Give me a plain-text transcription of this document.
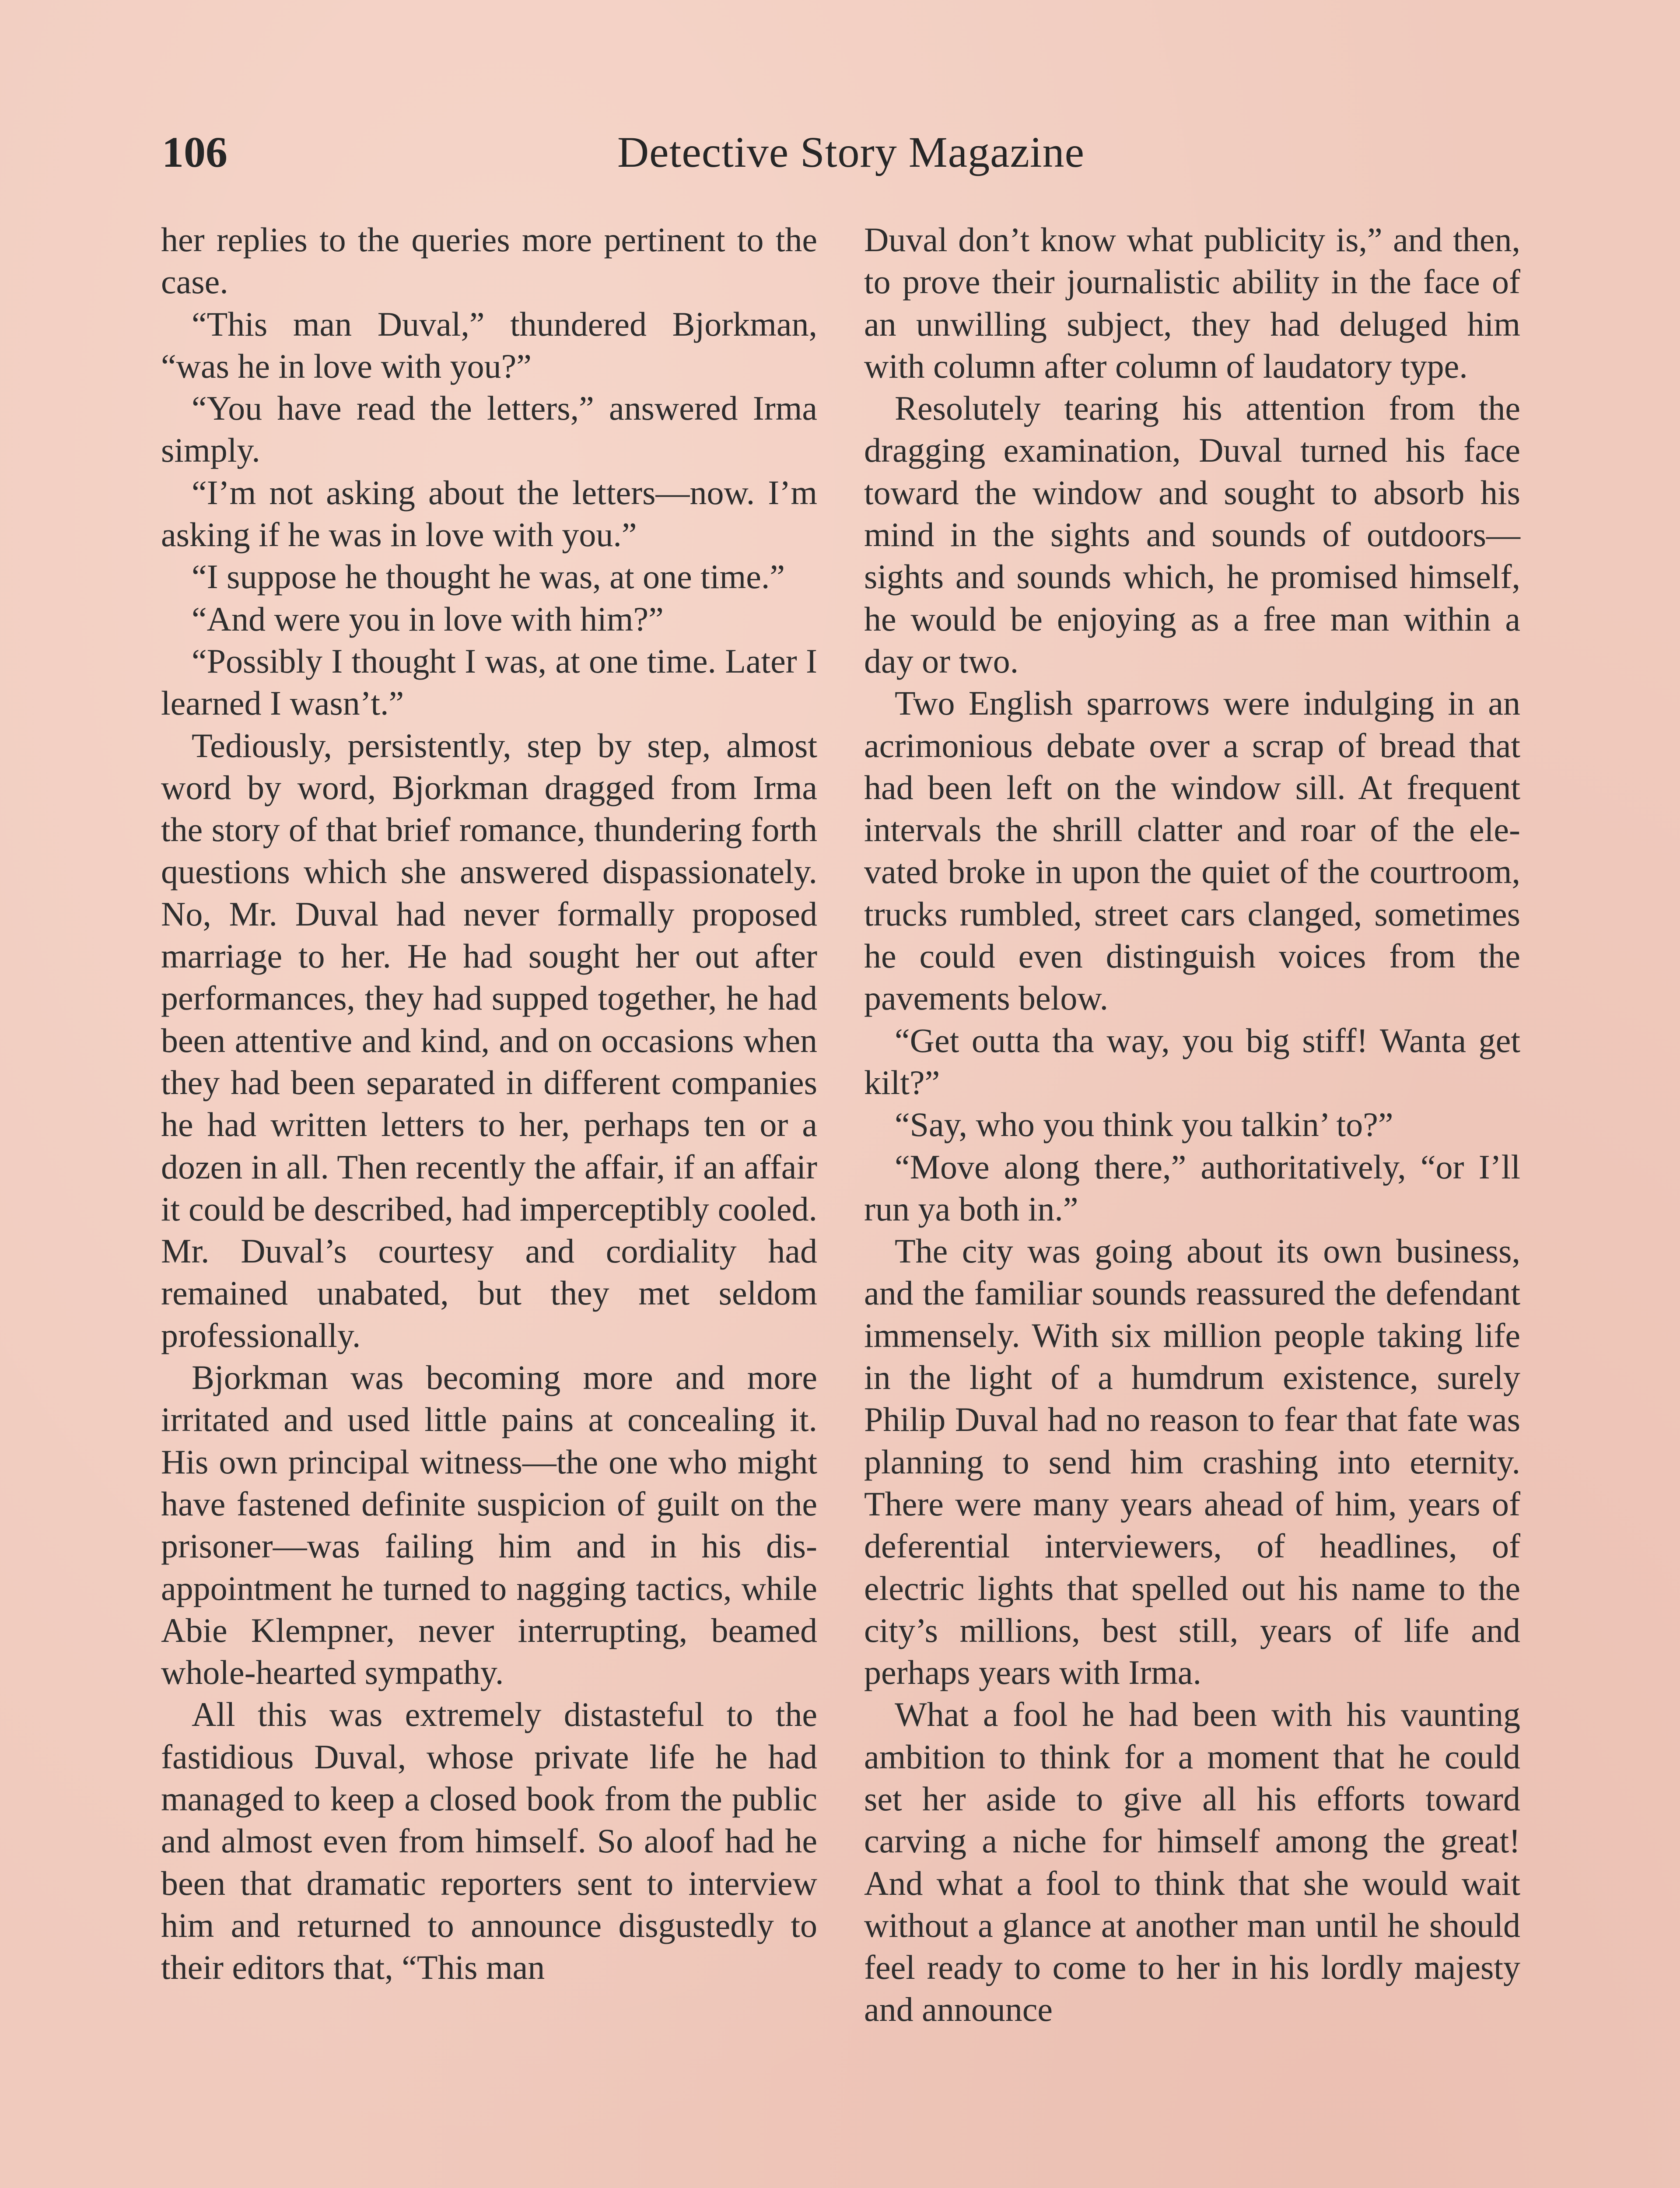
Detective Story Magazine
106

her replies to the queries more pertinent to the case.

“This man Duval,” thundered Bjorkman, “was he in love with you?”

“You have read the letters,” answered Irma simply.

“I’m not asking about the letters—now. I’m asking if he was in love with you.”

“I suppose he thought he was, at one time.”

“And were you in love with him?”

“Possibly I thought I was, at one time. Later I learned I wasn’t.”

Tediously, persistently, step by step, almost word by word, Bjorkman dragged from Irma the story of that brief romance, thundering forth questions which she answered dispassionately. No, Mr. Duval had never formally proposed marriage to her. He had sought her out after performances, they had supped together, he had been attentive and kind, and on occasions when they had been separated in different companies he had written letters to her, perhaps ten or a dozen in all. Then recently the affair, if an affair it could be described, had imperceptibly cooled. Mr. Duval’s courtesy and cordiality had remained unabated, but they met seldom professionally.

Bjorkman was becoming more and more irritated and used little pains at concealing it. His own principal witness—the one who might have fastened definite suspicion of guilt on the prisoner—was failing him and in his disappointment he turned to nagging tactics, while Abie Klempner, never interrupting, beamed whole-hearted sympathy.

All this was extremely distasteful to the fastidious Duval, whose private life he had managed to keep a closed book from the public and almost even from himself. So aloof had he been that dramatic reporters sent to interview him and returned to announce disgustedly to their editors that, “This man

Duval don’t know what publicity is,” and then, to prove their journalistic ability in the face of an unwilling subject, they had deluged him with column after column of laudatory type.

Resolutely tearing his attention from the dragging examination, Duval turned his face toward the window and sought to absorb his mind in the sights and sounds of outdoors—sights and sounds which, he promised himself, he would be enjoying as a free man within a day or two.

Two English sparrows were indulging in an acrimonious debate over a scrap of bread that had been left on the window sill. At frequent intervals the shrill clatter and roar of the elevated broke in upon the quiet of the courtroom, trucks rumbled, street cars clanged, sometimes he could even distinguish voices from the pavements below.

“Get outta tha way, you big stiff! Wanta get kilt?”

“Say, who you think you talkin’ to?”

“Move along there,” authoritatively, “or I’ll run ya both in.”

The city was going about its own business, and the familiar sounds reassured the defendant immensely. With six million people taking life in the light of a humdrum existence, surely Philip Duval had no reason to fear that fate was planning to send him crashing into eternity. There were many years ahead of him, years of deferential interviewers, of headlines, of electric lights that spelled out his name to the city’s millions, best still, years of life and perhaps years with Irma.

What a fool he had been with his vaunting ambition to think for a moment that he could set her aside to give all his efforts toward carving a niche for himself among the great! And what a fool to think that she would wait without a glance at another man until he should feel ready to come to her in his lordly majesty and announce
